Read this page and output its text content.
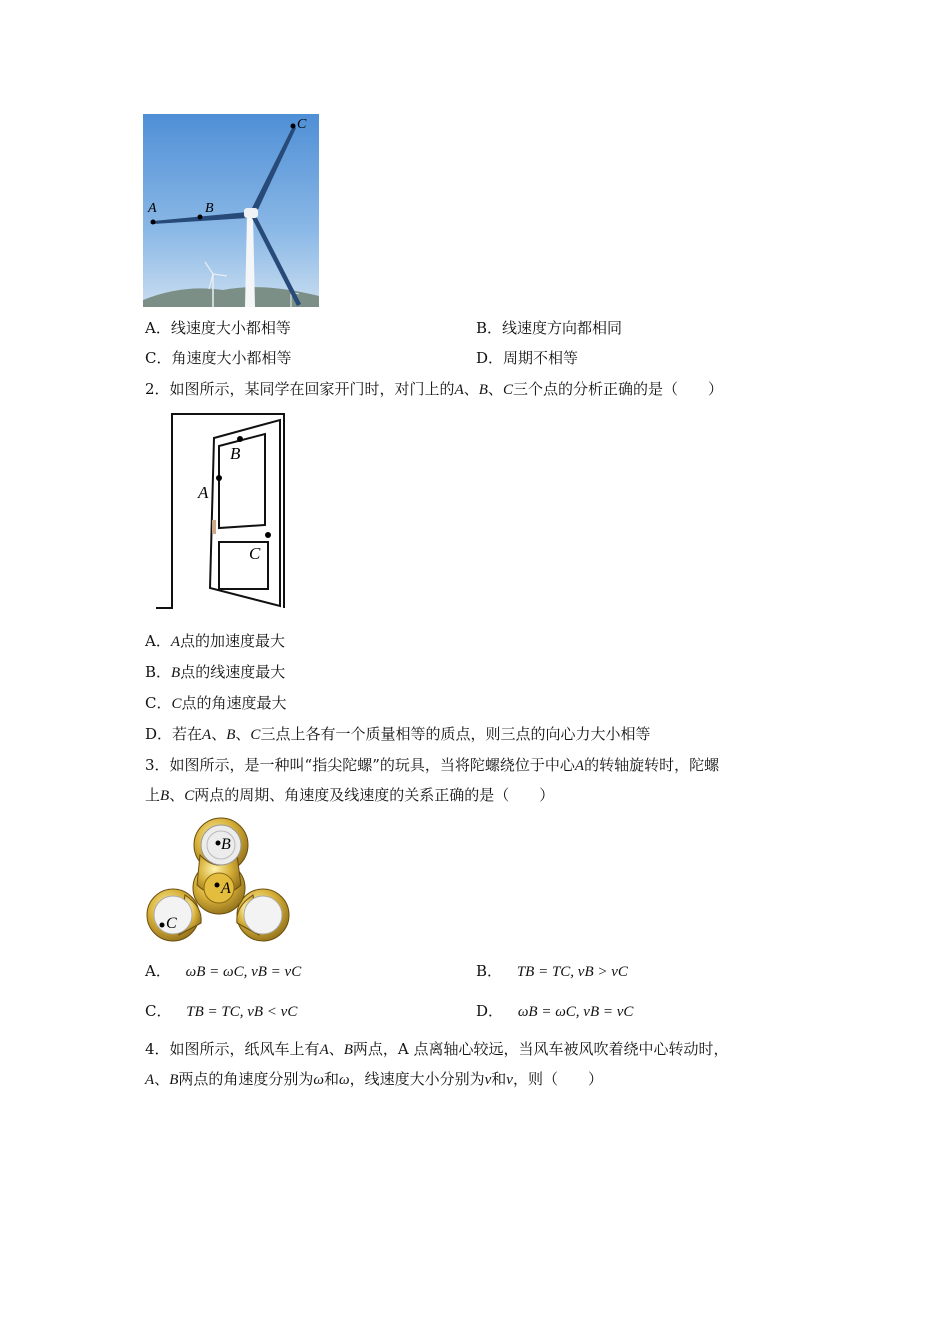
A	B
C
A．线速度大小都相等	B．线速度方向都相同
C．角速度大小都相等	D．周期不相等
2．如图所示，某同学在回家开门时，对门上的A、B、C三个点的分析正确的是（　　）
B
A
C
A．A点的加速度最大
B．B点的线速度最大
C．C点的角速度最大
D．若在A、B、C三点上各有一个质量相等的质点，则三点的向心力大小相等
3．如图所示，是一种叫“指尖陀螺”的玩具，当将陀螺绕位于中心A的转轴旋转时，陀螺
上B、C两点的周期、角速度及线速度的关系正确的是（　　）
B
A
C
A． ωB = ωC, vB = vC	B． TB = TC, vB > vC
C． TB = TC, vB < vC	D． ωB = ωC, vB = vC
4．如图所示，纸风车上有A、B两点，A 点离轴心较远，当风车被风吹着绕中心转动时，
A、B两点的角速度分别为ω和ω，线速度大小分别为v和v，则（　　）
